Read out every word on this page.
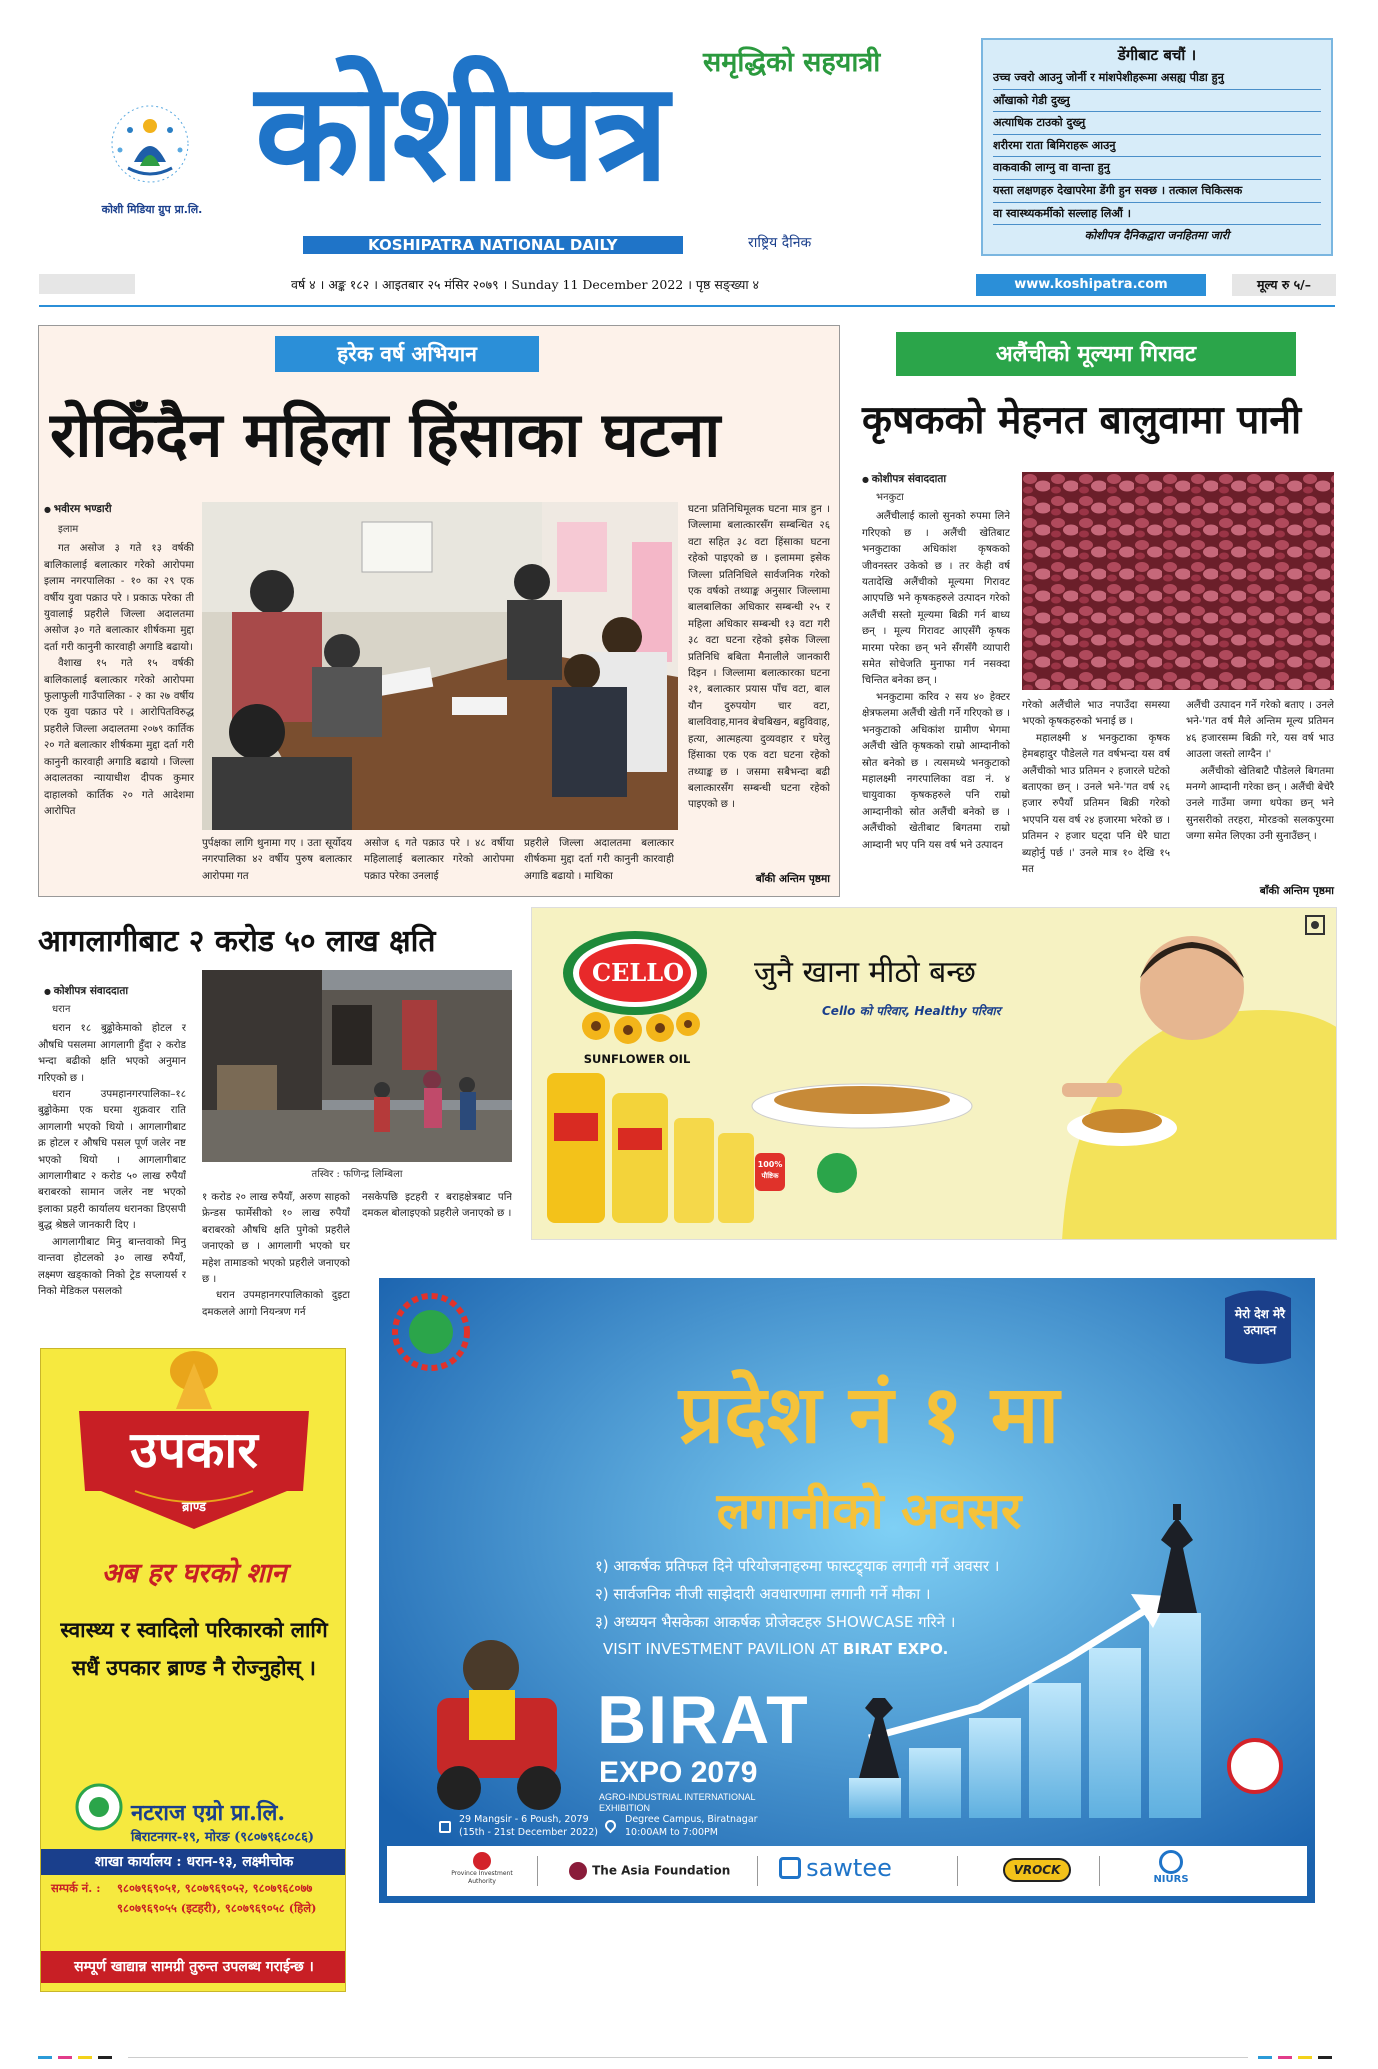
कोशी मिडिया ग्रुप प्रा.लि.
समृद्धिको सहयात्री
कोशीपत्र
KOSHIPATRA NATIONAL DAILY	राष्ट्रिय दैनिक
डेंगीबाट बचौं ।

उच्च ज्वरो आउनु जोर्नी र मांशपेशीहरूमा असह्य पीडा हुनु

आँखाको गेडी दुख्नु

अत्याधिक टाउको दुख्नु

शरीरमा राता बिमिराहरू आउनु

वाकवाकी लाग्नु वा वान्ता हुनु

यस्ता लक्षणहरु देखापरेमा डेंगी हुन सक्छ । तत्काल चिकित्सक

वा स्वास्थ्यकर्मीको सल्लाह लिऔं ।

कोशीपत्र दैनिकद्वारा जनहितमा जारी

वर्ष ४ । अङ्क १८२ । आइतबार २५ मंसिर २०७९ । Sunday 11 December 2022 । पृष्ठ सङ्ख्या ४	www.koshipatra.com	मूल्य रु ५/–
हरेक वर्ष अभियान
रोकिँदैन महिला हिंसाका घटना
● भवीरम भण्डारी
इलाम

गत असोज ३ गते १३ वर्षकी बालिकालाई बलात्कार गरेको आरोपमा इलाम नगरपालिका - १० का २९ एक वर्षीय युवा पक्राउ परे । प्रकाऊ परेका ती युवालाई प्रहरीले जिल्ला अदालतमा असोज ३० गते बलात्कार शीर्षकमा मुद्दा दर्ता गरी कानुनी कारवाही अगाडि बढायो।

वैशाख १५ गते १५ वर्षकी बालिकालाई बलात्कार गरेको आरोपमा फुलाफुली गाउँपालिका - २ का २७ वर्षीय एक युवा पक्राउ परे । आरोपितविरुद्ध प्रहरीले जिल्ला अदालतमा २०७९ कार्तिक २० गते बलात्कार शीर्षकमा मुद्दा दर्ता गरी कानुनी कारवाही अगाडि बढायो । जिल्ला अदालतका न्यायाधीश दीपक कुमार दाहालको कार्तिक २० गते आदेशमा आरोपित

पुर्पक्षका लागि थुनामा गए । उता सूर्योदय नगरपालिका ४२ वर्षीय पुरुष बलात्कार आरोपमा गत

असोज ६ गते पक्राउ परे । ४८ वर्षीया महिलालाई बलात्कार गरेको आरोपमा पक्राउ परेका उनलाई

प्रहरीले जिल्ला अदालतमा बलात्कार शीर्षकमा मुद्दा दर्ता गरी कानुनी कारवाही अगाडि बढायो । माथिका

घटना प्रतिनिधिमूलक घटना मात्र हुन । जिल्लामा बलात्कारसँग सम्बन्धित २६ वटा सहित ३८ वटा हिंसाका घटना रहेको पाइएको छ । इलाममा इसेक जिल्ला प्रतिनिधिले सार्वजनिक गरेको एक वर्षको तथ्याङ्क अनुसार जिल्लामा बालबालिका अधिकार सम्बन्धी २५ र महिला अधिकार सम्बन्धी १३ वटा गरी ३८ वटा घटना रहेको इसेक जिल्ला प्रतिनिधि बबिता मैनालीले जानकारी दिइन । जिल्लामा बलात्कारका घटना २१, बलात्कार प्रयास पाँच वटा, बाल यौन दुरुपयोग चार वटा, बालविवाह,मानव बेचबिखन, बहुविवाह, हत्या, आत्महत्या दुव्यवहार र घरेलु हिंसाका एक एक वटा घटना रहेको तथ्याङ्क छ । जसमा सबैभन्दा बढी बलात्कारसँग सम्बन्धी घटना रहेको पाइएको छ ।

बाँकी अन्तिम पृष्ठमा
अलैंचीको मूल्यमा गिरावट
कृषकको मेहनत बालुवामा पानी
● कोशीपत्र संवाददाता
भनकुटा

अलैंचीलाई कालो सुनको रुपमा लिने गरिएको छ । अलैंची खेतिबाट भनकुटाका अधिकांश कृषकको जीवनस्तर उकेको छ । तर केही वर्ष यतादेखि अलैंचीको मूल्यमा गिरावट आएपछि भने कृषकहरुले उत्पादन गरेको अलैंची सस्तो मूल्यमा बिक्री गर्न बाध्य छन् । मूल्य गिरावट आएसँगै कृषक मारमा परेका छन् भने सँगसँगै व्यापारी समेत सोचेजति मुनाफा गर्न नसक्दा चिन्तित बनेका छन् ।

भनकुटामा करिव २ सय ४० हेक्टर क्षेत्रफलमा अलैंची खेती गर्ने गरिएको छ । भनकुटाको अधिकांश ग्रामीण भेगमा अलैंची खेति कृषकको राम्रो आम्दानीको स्रोत बनेको छ । त्यसमध्ये भनकुटाको महालक्ष्मी नगरपालिका वडा नं. ४ चायुवाका कृषकहरुले पनि राम्रो आम्दानीको स्रोत अलैंची बनेको छ । अलैंचीको खेतीबाट बिगतमा राम्रो आम्दानी भए पनि यस वर्ष भने उत्पादन

गरेको अलैंचीले भाउ नपाउँदा समस्या भएको कृषकहरुको भनाई छ ।

महालक्ष्मी ४ भनकुटाका कृषक हेमबहादुर पौडेलले गत वर्षभन्दा यस वर्ष अलैंचीको भाउ प्रतिमन २ हजारले घटेको बताएका छन् । उनले भने-'गत वर्ष २६ हजार रुपैयाँ प्रतिमन बिक्री गरेको भएपनि यस वर्ष २४ हजारमा भरेको छ । प्रतिमन २ हजार घट्दा पनि धेरै घाटा ब्यहोर्नु पर्छ ।' उनले मात्र १० देखि १५ मत

अलैंची उत्पादन गर्ने गरेको बताए । उनले भने-'गत वर्ष मैले अन्तिम मूल्य प्रतिमन ४६ हजारसम्म बिक्री गरे, यस वर्ष भाउ आउला जस्तो लाग्दैन ।'

अलैंचीको खेतिबाटै पौडेलले बिगतमा मनग्गे आम्दानी गरेका छन् । अलैंची बेचेरै उनले गाउँमा जग्गा थपेका छन् भने सुनसरीको तरहरा, मोरङको सलकपुरमा जग्गा समेत लिएका उनी सुनाउँछन् ।

बाँकी अन्तिम पृष्ठमा
आगलागीबाट २ करोड ५० लाख क्षति
● कोशीपत्र संवाददाता
धरान

धरान १८ बुढ्ढोकेमाको होटल र औषधि पसलमा आगलागी हुँदा २ करोड भन्दा बढीको क्षति भएको अनुमान गरिएको छ ।

धरान उपमहानगरपालिका–१८ बुढ्ढोकेमा एक घरमा शुक्रवार राति आगलागी भएको थियो । आगलागीबाट क्र होटल र औषधि पसल पूर्ण जलेर नष्ट भएको थियो । आगलागीबाट आगलागीबाट २ करोड ५० लाख रुपैयाँ बराबरको सामान जलेर नष्ट भएको इलाका प्रहरी कार्यालय धरानका डिएसपी बुद्ध श्रेष्ठले जानकारी दिए ।

आगलागीबाट मिनु बान्तवाको मिनु वान्तवा होटलको ३० लाख रुपैयाँ, लक्ष्मण खड्काको निको ट्रेड सप्लायर्स र निको मेडिकल पसलको

तस्विर : फणिन्द्र लिम्बिला

१ करोड २० लाख रुपैयाँ, अरुण साहको फ्रेन्डस फार्मेसीको १० लाख रुपैयाँ बराबरको औषधि क्षति पुगेको प्रहरीले जनाएको छ । आगलागी भएको घर महेश तामाङको भएको प्रहरीले जनाएको छ ।

धरान उपमहानगरपालिकाको दुइटा दमकलले आगो नियन्त्रण गर्न

नसकेपछि इटहरी र बराहक्षेत्रबाट पनि दमकल बोलाइएको प्रहरीले जनाएको छ ।

CELLO
SUNFLOWER OIL
जुनै खाना मीठो बन्छ
Cello को परिवार, Healthy परिवार
100%
पौष्टिक
उपकार
ब्राण्ड
अब हर घरको शान
स्वास्थ्य र स्वादिलो परिकारको लागि सधैं उपकार ब्राण्ड नै रोज्नुहोस् ।
नटराज एग्रो प्रा.लि.
बिराटनगर-१९, मोरङ (९८०७९६८०८६)
शाखा कार्यालय : धरान-१३, लक्ष्मीचोक
सम्पर्क नं. : ९८०७९६९०५१, ९८०७९६९०५२, ९८०७९६८०७७
९८०७९६९०५५ (इटहरी), ९८०७९६९०५८ (हिले)
सम्पूर्ण खाद्यान्न सामग्री तुरुन्त उपलब्ध गराईन्छ ।
मेरो देश मेरै उत्पादन
प्रदेश नं १ मा
लगानीको अवसर
१) आकर्षक प्रतिफल दिने परियोजनाहरुमा फास्टट्र्याक लगानी गर्ने अवसर ।
२) सार्वजनिक नीजी साझेदारी अवधारणामा लगानी गर्ने मौका ।
३) अध्ययन भैसकेका आकर्षक प्रोजेक्टहरु SHOWCASE गरिने ।
VISIT INVESTMENT PAVILION AT BIRAT EXPO.
BIRAT
EXPO 2079
AGRO-INDUSTRIAL INTERNATIONAL EXHIBITION
29 Mangsir - 6 Poush, 2079
(15th - 21st December 2022)
Degree Campus, Biratnagar
10:00AM to 7:00PM
Province Investment Authority
The Asia Foundation	sawtee	VROCK
NIURS
